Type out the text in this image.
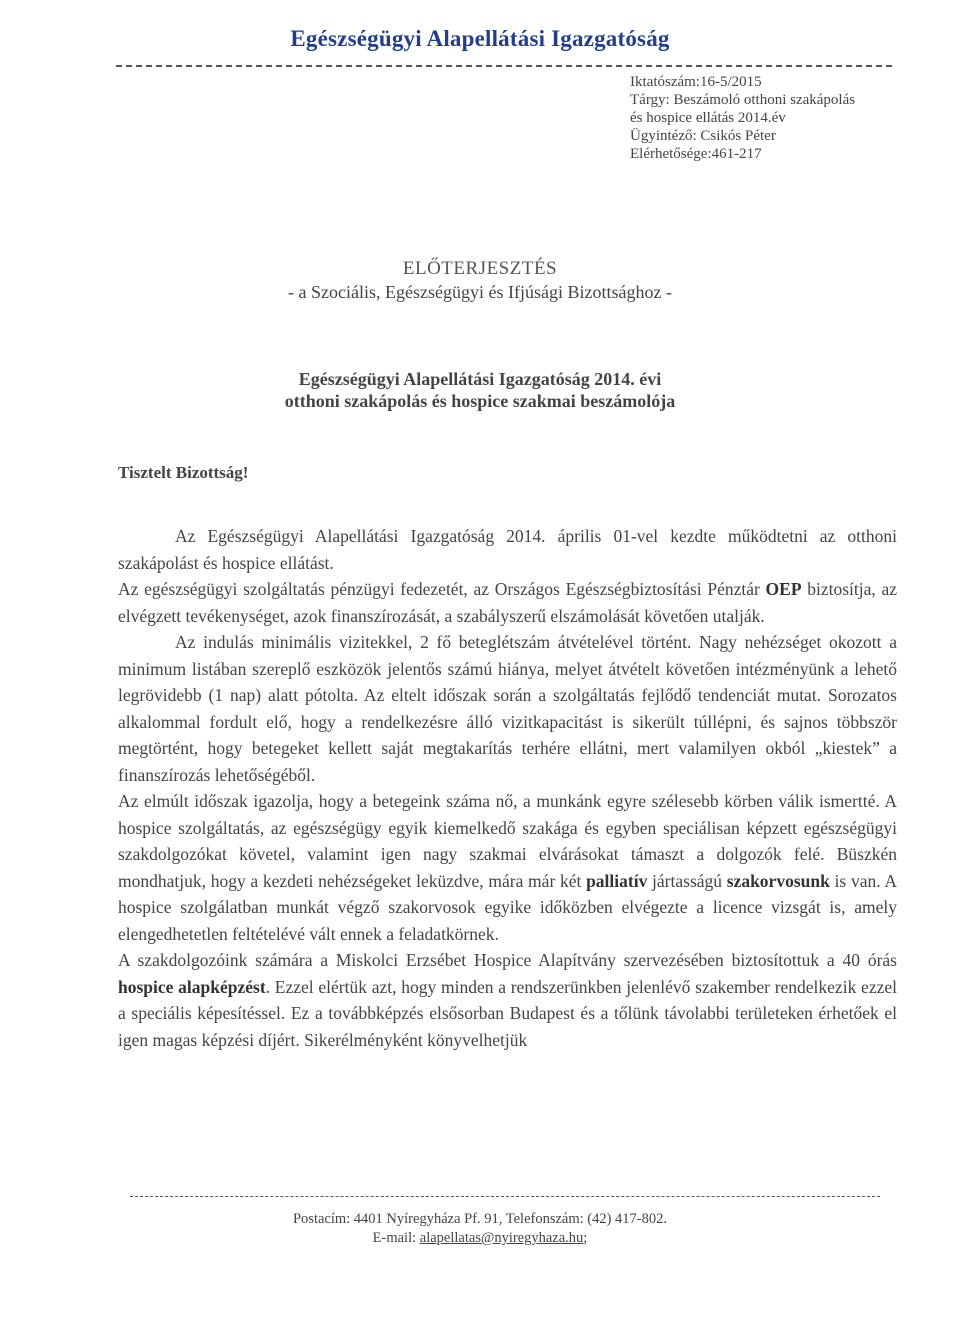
Egészségügyi Alapellátási Igazgatóság
Iktatószám:16-5/2015
Tárgy: Beszámoló otthoni szakápolás
és hospice ellátás 2014.év
Ügyintéző: Csikós Péter
Elérhetősége:461-217
ELŐTERJESZTÉS
- a Szociális, Egészségügyi és Ifjúsági Bizottsághoz -
Egészségügyi Alapellátási Igazgatóság 2014. évi
otthoni szakápolás és hospice szakmai beszámolója
Tisztelt Bizottság!

Az Egészségügyi Alapellátási Igazgatóság 2014. április 01-vel kezdte működtetni az otthoni szakápolást és hospice ellátást.

Az egészségügyi szolgáltatás pénzügyi fedezetét, az Országos Egészségbiztosítási Pénztár OEP biztosítja, az elvégzett tevékenységet, azok finanszírozását, a szabályszerű elszámolását követően utalják.

Az indulás minimális vizitekkel, 2 fő beteglétszám átvételével történt. Nagy nehézséget okozott a minimum listában szereplő eszközök jelentős számú hiánya, melyet átvételt követően intézményünk a lehető legrövidebb (1 nap) alatt pótolta. Az eltelt időszak során a szolgáltatás fejlődő tendenciát mutat. Sorozatos alkalommal fordult elő, hogy a rendelkezésre álló vizitkapacitást is sikerült túllépni, és sajnos többször megtörtént, hogy betegeket kellett saját megtakarítás terhére ellátni, mert valamilyen okból „kiestek” a finanszírozás lehetőségéből.

Az elmúlt időszak igazolja, hogy a betegeink száma nő, a munkánk egyre szélesebb körben válik ismertté. A hospice szolgáltatás, az egészségügy egyik kiemelkedő szakága és egyben speciálisan képzett egészségügyi szakdolgozókat követel, valamint igen nagy szakmai elvárásokat támaszt a dolgozók felé. Büszkén mondhatjuk, hogy a kezdeti nehézségeket leküzdve, mára már két palliatív jártasságú szakorvosunk is van. A hospice szolgálatban munkát végző szakorvosok egyike időközben elvégezte a licence vizsgát is, amely elengedhetetlen feltételévé vált ennek a feladatkörnek.

A szakdolgozóink számára a Miskolci Erzsébet Hospice Alapítvány szervezésében biztosítottuk a 40 órás hospice alapképzést. Ezzel elértük azt, hogy minden a rendszerünkben jelenlévő szakember rendelkezik ezzel a speciális képesítéssel. Ez a továbbképzés elsősorban Budapest és a tőlünk távolabbi területeken érhetőek el igen magas képzési díjért. Sikerélményként könyvelhetjük

Postacím: 4401 Nyíregyháza Pf. 91, Telefonszám: (42) 417-802.
E-mail: alapellatas@nyiregyhaza.hu;
